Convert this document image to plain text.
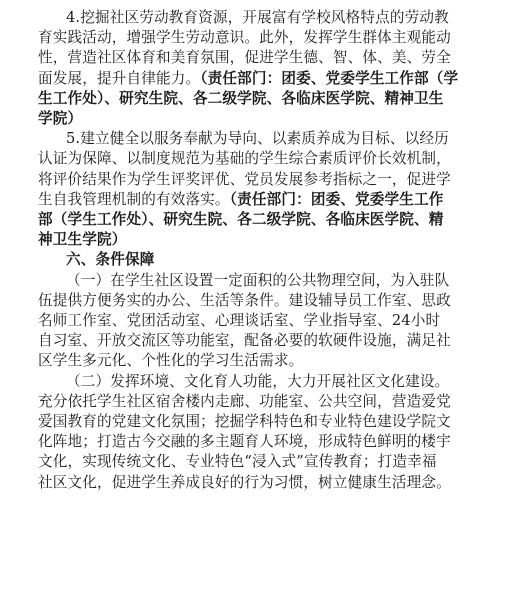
4.挖掘社区劳动教育资源，开展富有学校风格特点的劳动教
育实践活动，增强学生劳动意识。此外，发挥学生群体主观能动
性，营造社区体育和美育氛围，促进学生德、智、体、美、劳全
面发展，提升自律能力。（责任部门：团委、党委学生工作部（学
生工作处）、研究生院、各二级学院、各临床医学院、精神卫生
学院）
5.建立健全以服务奉献为导向、以素质养成为目标、以经历
认证为保障、以制度规范为基础的学生综合素质评价长效机制，
将评价结果作为学生评奖评优、党员发展参考指标之一，促进学
生自我管理机制的有效落实。（责任部门：团委、党委学生工作
部（学生工作处）、研究生院、各二级学院、各临床医学院、精
神卫生学院）
六、条件保障
（一）在学生社区设置一定面积的公共物理空间，为入驻队
伍提供方便务实的办公、生活等条件。建设辅导员工作室、思政
名师工作室、党团活动室、心理谈话室、学业指导室、24小时
自习室、开放交流区等功能室，配备必要的软硬件设施，满足社
区学生多元化、个性化的学习生活需求。
（二）发挥环境、文化育人功能，大力开展社区文化建设。
充分依托学生社区宿舍楼内走廊、功能室、公共空间，营造爱党
爱国教育的党建文化氛围；挖掘学科特色和专业特色建设学院文
化阵地；打造古今交融的多主题育人环境，形成特色鲜明的楼宇
文化，实现传统文化、专业特色“浸入式”宣传教育；打造幸福
社区文化，促进学生养成良好的行为习惯，树立健康生活理念。
